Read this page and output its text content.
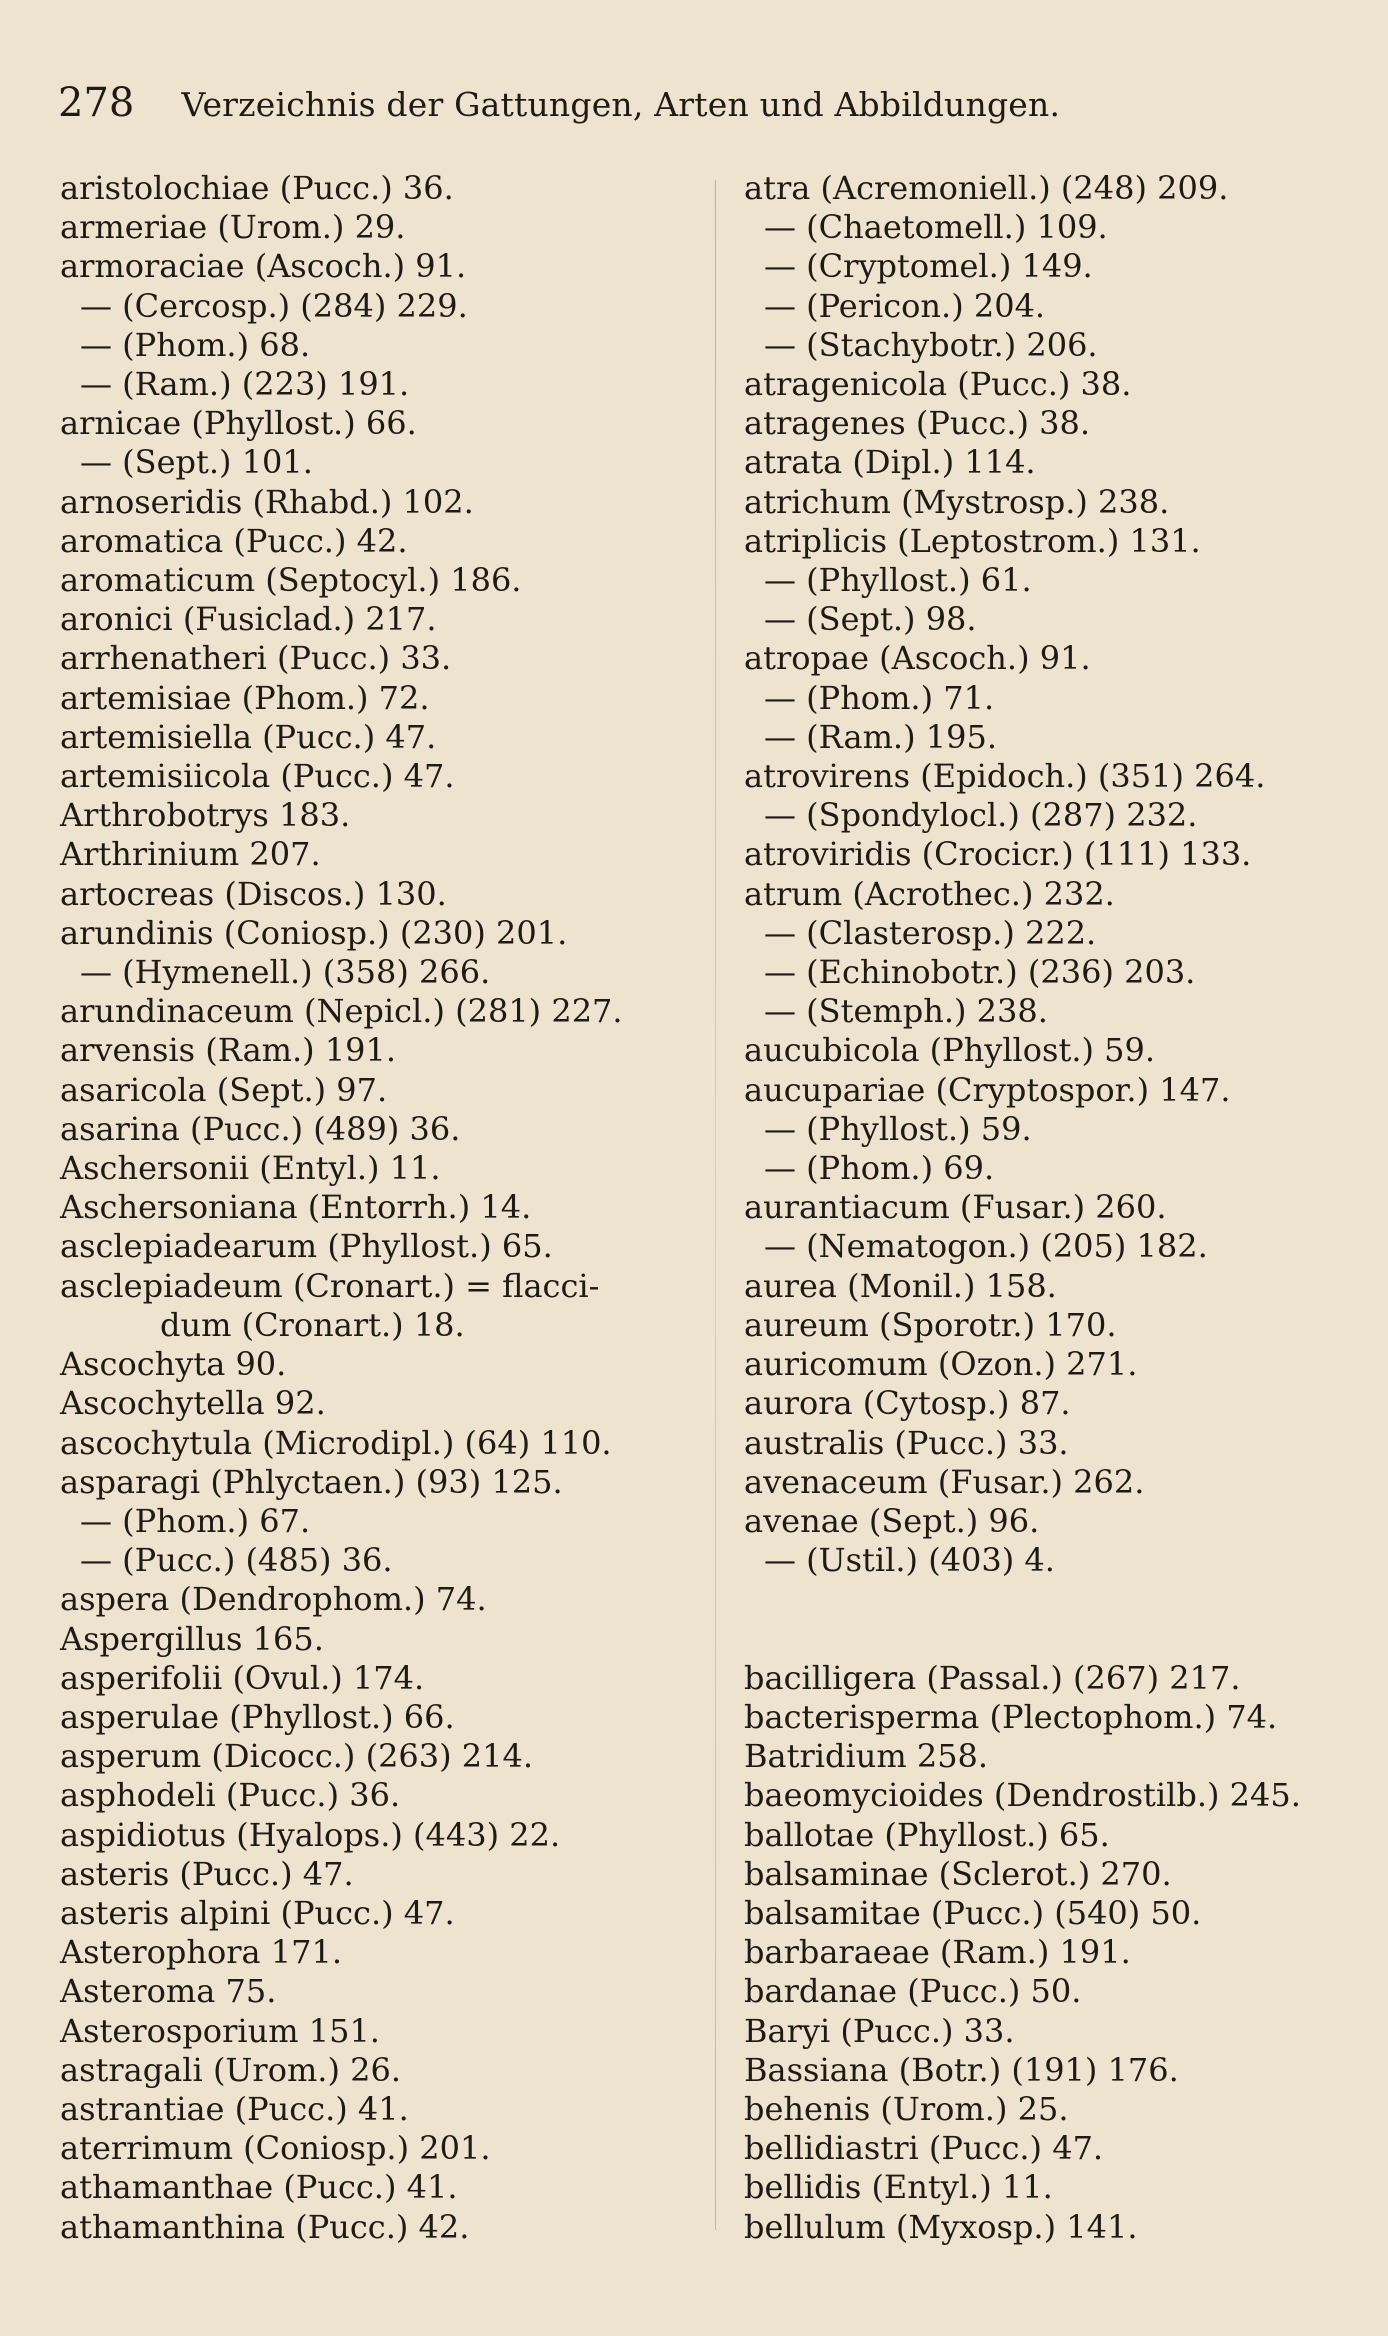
278 Verzeichnis der Gattungen, Arten und Abbildungen.
aristolochiae (Pucc.) 36.
armeriae (Urom.) 29.
armoraciae (Ascoch.) 91.
— (Cercosp.) (284) 229.
— (Phom.) 68.
— (Ram.) (223) 191.
arnicae (Phyllost.) 66.
— (Sept.) 101.
arnoseridis (Rhabd.) 102.
aromatica (Pucc.) 42.
aromaticum (Septocyl.) 186.
aronici (Fusiclad.) 217.
arrhenatheri (Pucc.) 33.
artemisiae (Phom.) 72.
artemisiella (Pucc.) 47.
artemisiicola (Pucc.) 47.
Arthrobotrys 183.
Arthrinium 207.
artocreas (Discos.) 130.
arundinis (Coniosp.) (230) 201.
— (Hymenell.) (358) 266.
arundinaceum (Nepicl.) (281) 227.
arvensis (Ram.) 191.
asaricola (Sept.) 97.
asarina (Pucc.) (489) 36.
Aschersonii (Entyl.) 11.
Aschersoniana (Entorrh.) 14.
asclepiadearum (Phyllost.) 65.
asclepiadeum (Cronart.) = flacci-
dum (Cronart.) 18.
Ascochyta 90.
Ascochytella 92.
ascochytula (Microdipl.) (64) 110.
asparagi (Phlyctaen.) (93) 125.
— (Phom.) 67.
— (Pucc.) (485) 36.
aspera (Dendrophom.) 74.
Aspergillus 165.
asperifolii (Ovul.) 174.
asperulae (Phyllost.) 66.
asperum (Dicocc.) (263) 214.
asphodeli (Pucc.) 36.
aspidiotus (Hyalops.) (443) 22.
asteris (Pucc.) 47.
asteris alpini (Pucc.) 47.
Asterophora 171.
Asteroma 75.
Asterosporium 151.
astragali (Urom.) 26.
astrantiae (Pucc.) 41.
aterrimum (Coniosp.) 201.
athamanthae (Pucc.) 41.
athamanthina (Pucc.) 42.
atra (Acremoniell.) (248) 209.
— (Chaetomell.) 109.
— (Cryptomel.) 149.
— (Pericon.) 204.
— (Stachybotr.) 206.
atragenicola (Pucc.) 38.
atragenes (Pucc.) 38.
atrata (Dipl.) 114.
atrichum (Mystrosp.) 238.
atriplicis (Leptostrom.) 131.
— (Phyllost.) 61.
— (Sept.) 98.
atropae (Ascoch.) 91.
— (Phom.) 71.
— (Ram.) 195.
atrovirens (Epidoch.) (351) 264.
— (Spondylocl.) (287) 232.
atroviridis (Crocicr.) (111) 133.
atrum (Acrothec.) 232.
— (Clasterosp.) 222.
— (Echinobotr.) (236) 203.
— (Stemph.) 238.
aucubicola (Phyllost.) 59.
aucupariae (Cryptospor.) 147.
— (Phyllost.) 59.
— (Phom.) 69.
aurantiacum (Fusar.) 260.
— (Nematogon.) (205) 182.
aurea (Monil.) 158.
aureum (Sporotr.) 170.
auricomum (Ozon.) 271.
aurora (Cytosp.) 87.
australis (Pucc.) 33.
avenaceum (Fusar.) 262.
avenae (Sept.) 96.
— (Ustil.) (403) 4.
bacilligera (Passal.) (267) 217.
bacterisperma (Plectophom.) 74.
Batridium 258.
baeomycioides (Dendrostilb.) 245.
ballotae (Phyllost.) 65.
balsaminae (Sclerot.) 270.
balsamitae (Pucc.) (540) 50.
barbaraeae (Ram.) 191.
bardanae (Pucc.) 50.
Baryi (Pucc.) 33.
Bassiana (Botr.) (191) 176.
behenis (Urom.) 25.
bellidiastri (Pucc.) 47.
bellidis (Entyl.) 11.
bellulum (Myxosp.) 141.
